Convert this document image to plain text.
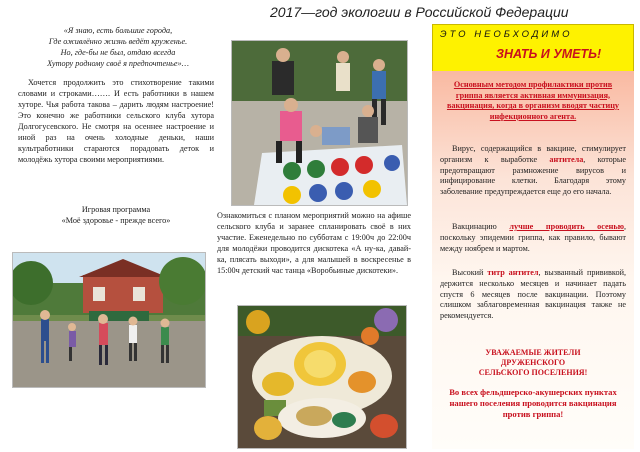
2017—год экологии в Российской Федерации
«Я знаю, есть большие города,
Где оживлённо жизнь ведёт круженье.
Но, где-бы не был, отдаю всегда
Хутору родному своё я предпочтенье»…
Хочется продолжить это стихотворение такими словами и строками……. И есть работники в нашем хуторе. Чья работа такова – дарить людям настроение! Это конечно же работники сельского клуба хутора Долгогусевского. Не смотря на осеннее настроение и иной раз на очень холодные деньки, наши культработники стараются порадовать деток и молодёжь хутора своими мероприятиями.
Игровая программа
«Моё здоровье - прежде всего»
Ознакомиться с планом мероприятий можно на афише сельского клуба и заранее спланировать своё в них участие. Еженедельно по субботам с 19:00ч до 22:00ч для молодёжи проводится дискотека «А ну-ка, давай-ка, плясать выходи», а для малышей в воскресенье в 15:00ч детский час танца «Воробьиные дискотеки».
ЭТО НЕОБХОДИМО
ЗНАТЬ И УМЕТЬ!
Основным методом профилактики против гриппа является активная иммунизация, вакцинация, когда в организм вводят частицу инфекционного агента.
Вирус, содержащийся в вакцине, стимулирует организм к выработке антитела, которые предотвращают размножение вирусов и инфицирование клетки. Благодаря этому заболевание предупреждается еще до его начала.
Вакцинацию лучше проводить осенью, поскольку эпидемии гриппа, как правило, бывают между ноябрем и мартом.
Высокий титр антител, вызванный прививкой, держится несколько месяцев и начинает падать спустя 6 месяцев после вакцинации. Поэтому слишком заблаговременная вакцинация также не рекомендуется.
УВАЖАЕМЫЕ ЖИТЕЛИ
ДРУЖЕНСКОГО
СЕЛЬСКОГО ПОСЕЛЕНИЯ!
Во всех фельдшерско-акушерских пунктах нашего поселения проводится вакцинация против гриппа!
